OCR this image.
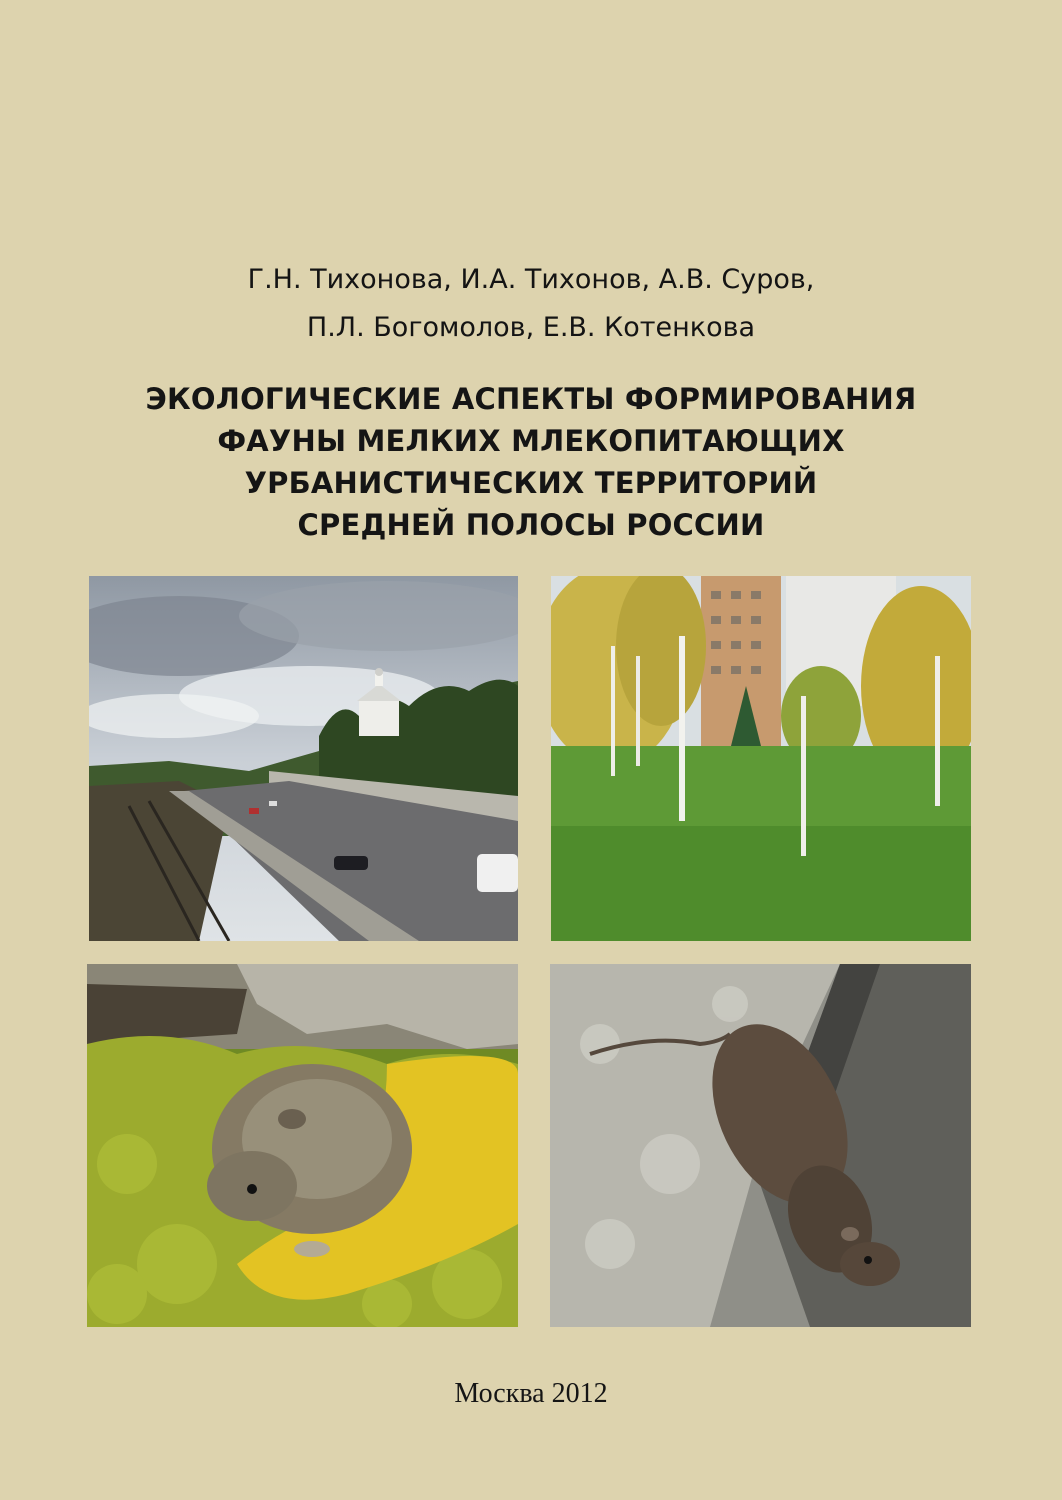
Г.Н. Тихонова, И.А. Тихонов, А.В. Суров,
П.Л. Богомолов, Е.В. Котенкова
ЭКОЛОГИЧЕСКИЕ АСПЕКТЫ ФОРМИРОВАНИЯ
ФАУНЫ МЕЛКИХ МЛЕКОПИТАЮЩИХ
УРБАНИСТИЧЕСКИХ ТЕРРИТОРИЙ
СРЕДНЕЙ ПОЛОСЫ РОССИИ
Москва 2012
